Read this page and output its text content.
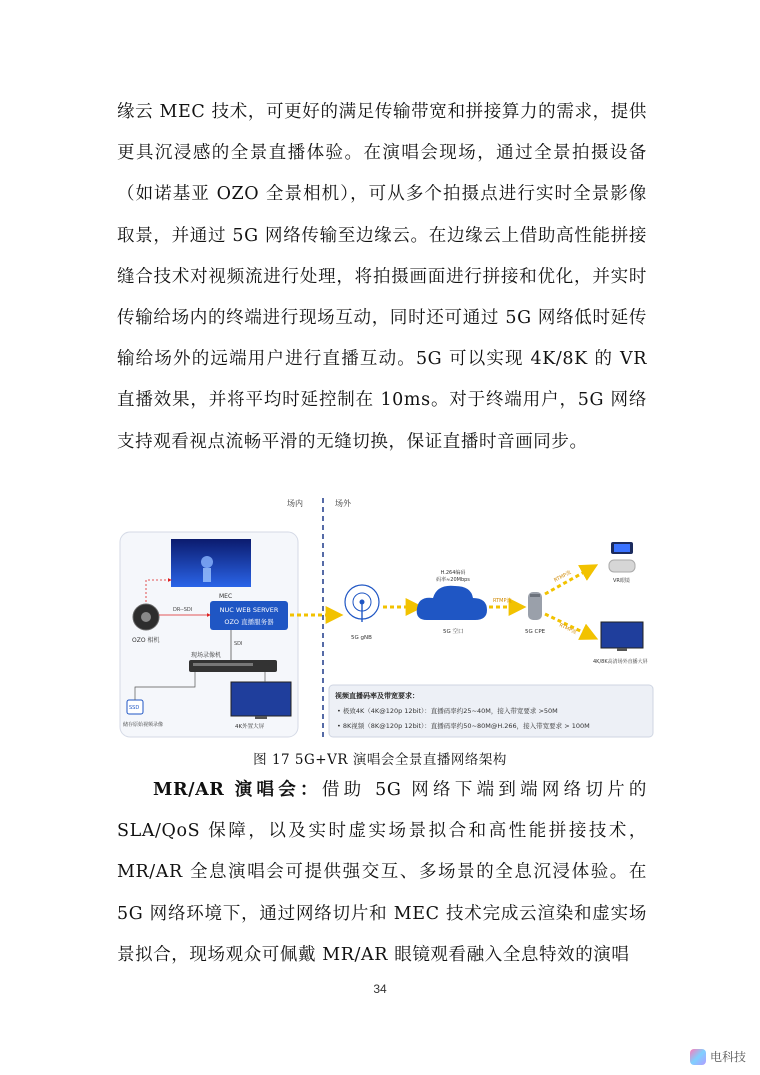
缘云 MEC 技术，可更好的满足传输带宽和拼接算力的需求，提供更具沉浸感的全景直播体验。在演唱会现场，通过全景拍摄设备（如诺基亚 OZO 全景相机），可从多个拍摄点进行实时全景影像取景，并通过 5G 网络传输至边缘云。在边缘云上借助高性能拼接缝合技术对视频流进行处理，将拍摄画面进行拼接和优化，并实时传输给场内的终端进行现场互动，同时还可通过 5G 网络低时延传输给场外的远端用户进行直播互动。5G 可以实现 4K/8K 的 VR 直播效果，并将平均时延控制在 10ms。对于终端用户，5G 网络支持观看视点流畅平滑的无缝切换，保证直播时音画同步。

场内	场外
OZO 相机
MEC
NUC WEB SERVER
OZO 直播服务器
DR--SDI
SDI
现场录像机
SSD
储存原始视频录像	4K外置大屏
5G gNB
H.264编码
码率≈20Mbps
5G 空口
RTMP流
5G CPE
RTMP流
RTMP流
VR眼镜
4K/8K高清场外直播大屏
视频直播码率及带宽要求：
• 极致4K（4K@120p 12bit）：直播码率约25~40M，接入带宽要求 >50M
• 8K视频（8K@120p 12bit）：直播码率约50~80M@H.266，接入带宽要求 > 100M
图 17 5G+VR 演唱会全景直播网络架构

MR/AR 演唱会：借助 5G 网络下端到端网络切片的 SLA/QoS 保障，以及实时虚实场景拟合和高性能拼接技术，MR/AR 全息演唱会可提供强交互、多场景的全息沉浸体验。在 5G 网络环境下，通过网络切片和 MEC 技术完成云渲染和虚实场景拟合，现场观众可佩戴 MR/AR 眼镜观看融入全息特效的演唱

34
电科技
